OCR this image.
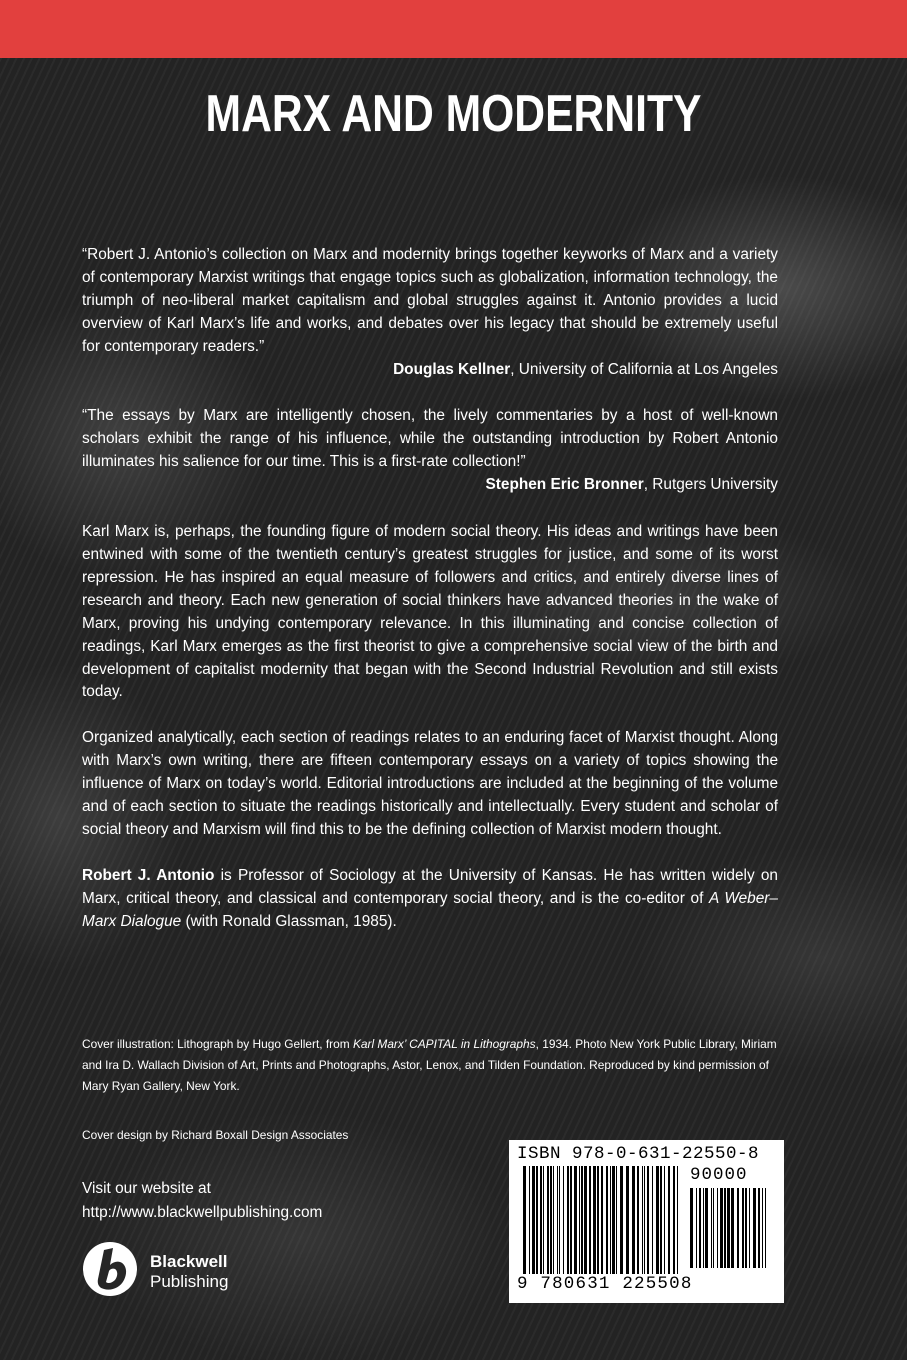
MARX AND MODERNITY

“Robert J. Antonio’s collection on Marx and modernity brings together keyworks of Marx and a variety of contemporary Marxist writings that engage topics such as globalization, information technology, the triumph of neo-liberal market capitalism and global struggles against it. Antonio provides a lucid overview of Karl Marx’s life and works, and debates over his legacy that should be extremely useful for contemporary readers.”

Douglas Kellner, University of California at Los Angeles

“The essays by Marx are intelligently chosen, the lively commentaries by a host of well-known scholars exhibit the range of his influence, while the outstanding introduction by Robert Antonio illuminates his salience for our time. This is a first-rate collection!”

Stephen Eric Bronner, Rutgers University

Karl Marx is, perhaps, the founding figure of modern social theory. His ideas and writings have been entwined with some of the twentieth century’s greatest struggles for justice, and some of its worst repression. He has inspired an equal measure of followers and critics, and entirely diverse lines of research and theory. Each new generation of social thinkers have advanced theories in the wake of Marx, proving his undying contemporary relevance. In this illuminating and concise collection of readings, Karl Marx emerges as the first theorist to give a comprehensive social view of the birth and development of capitalist modernity that began with the Second Industrial Revolution and still exists today.

Organized analytically, each section of readings relates to an enduring facet of Marxist thought. Along with Marx’s own writing, there are fifteen contemporary essays on a variety of topics showing the influence of Marx on today’s world. Editorial introductions are included at the beginning of the volume and of each section to situate the readings historically and intellectually. Every student and scholar of social theory and Marxism will find this to be the defining collection of Marxist modern thought.

Robert J. Antonio is Professor of Sociology at the University of Kansas. He has written widely on Marx, critical theory, and classical and contemporary social theory, and is the co-editor of A Weber–Marx Dialogue (with Ronald Glassman, 1985).

Cover illustration: Lithograph by Hugo Gellert, from Karl Marx’ CAPITAL in Lithographs, 1934. Photo New York Public Library, Miriam and Ira D. Wallach Division of Art, Prints and Photographs, Astor, Lenox, and Tilden Foundation. Reproduced by kind permission of Mary Ryan Gallery, New York.

Cover design by Richard Boxall Design Associates

Visit our website at

http://www.blackwellpublishing.com

Blackwell
Publishing
ISBN 978-0-631-22550-8
90000
9 780631 225508
